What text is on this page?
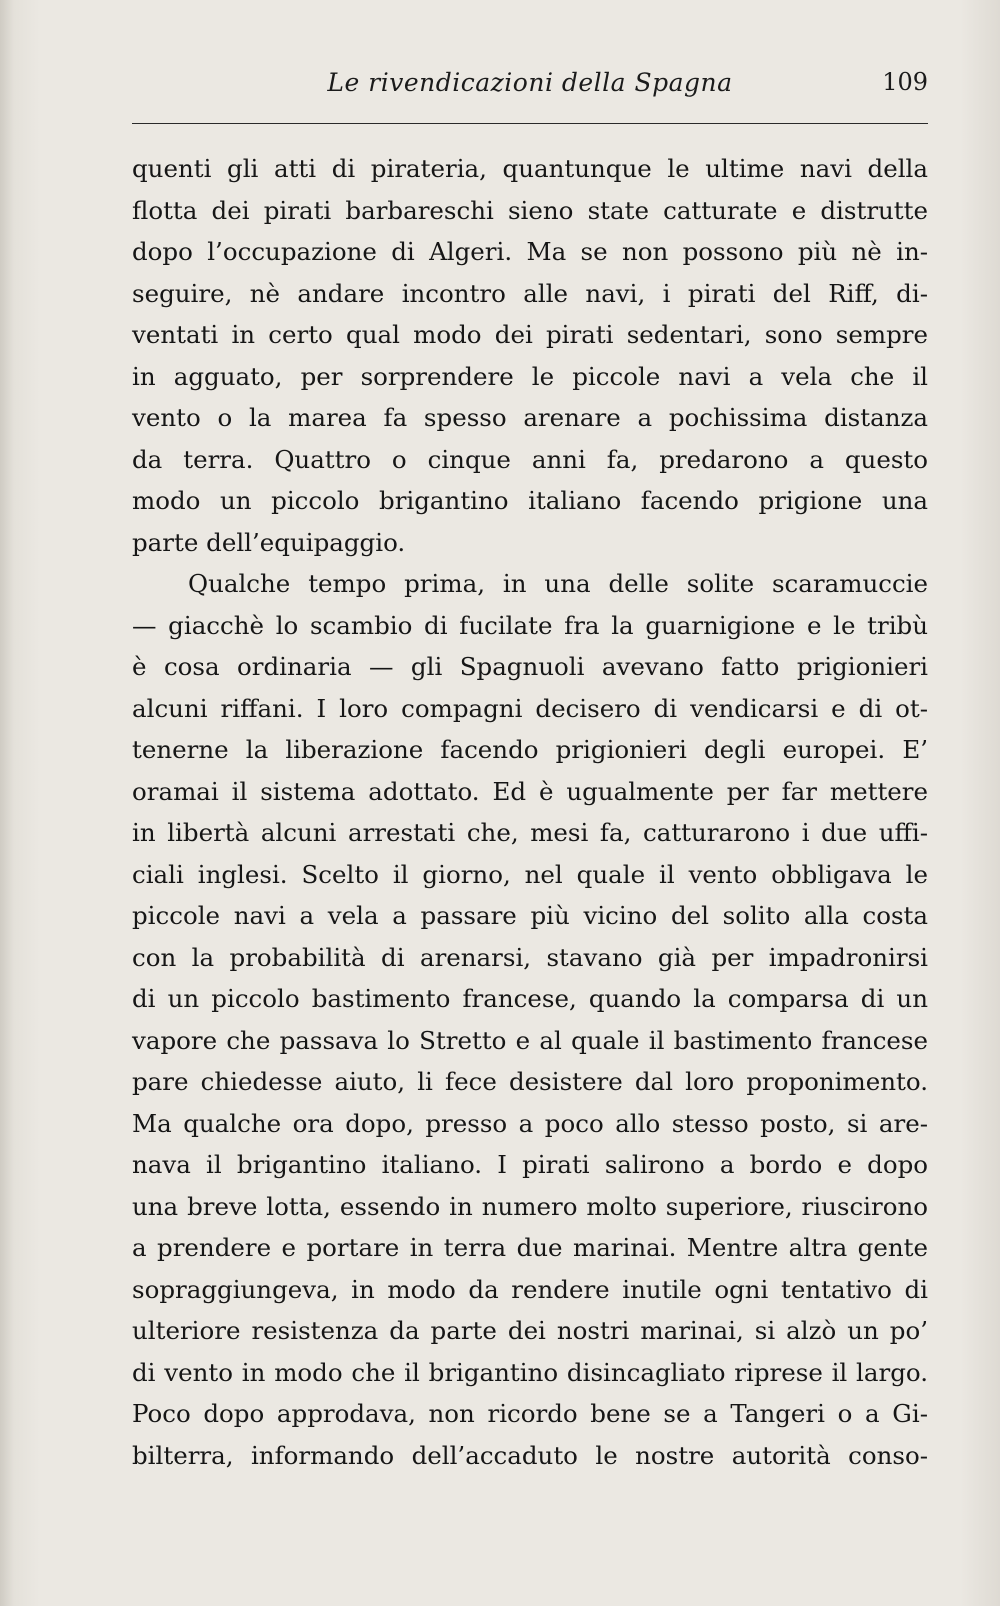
Le rivendicazioni della Spagna	109
quenti gli atti di pirateria, quantunque le ultime navi della
flotta dei pirati barbareschi sieno state catturate e distrutte
dopo l’occupazione di Algeri. Ma se non possono più nè in-
seguire, nè andare incontro alle navi, i pirati del Riff, di-
ventati in certo qual modo dei pirati sedentari, sono sempre
in agguato, per sorprendere le piccole navi a vela che il
vento o la marea fa spesso arenare a pochissima distanza
da terra. Quattro o cinque anni fa, predarono a questo
modo un piccolo brigantino italiano facendo prigione una
parte dell’equipaggio.
Qualche tempo prima, in una delle solite scaramuccie
— giacchè lo scambio di fucilate fra la guarnigione e le tribù
è cosa ordinaria — gli Spagnuoli avevano fatto prigionieri
alcuni riffani. I loro compagni decisero di vendicarsi e di ot-
tenerne la liberazione facendo prigionieri degli europei. E’
oramai il sistema adottato. Ed è ugualmente per far mettere
in libertà alcuni arrestati che, mesi fa, catturarono i due uffi-
ciali inglesi. Scelto il giorno, nel quale il vento obbligava le
piccole navi a vela a passare più vicino del solito alla costa
con la probabilità di arenarsi, stavano già per impadronirsi
di un piccolo bastimento francese, quando la comparsa di un
vapore che passava lo Stretto e al quale il bastimento francese
pare chiedesse aiuto, li fece desistere dal loro proponimento.
Ma qualche ora dopo, presso a poco allo stesso posto, si are-
nava il brigantino italiano. I pirati salirono a bordo e dopo
una breve lotta, essendo in numero molto superiore, riuscirono
a prendere e portare in terra due marinai. Mentre altra gente
sopraggiungeva, in modo da rendere inutile ogni tentativo di
ulteriore resistenza da parte dei nostri marinai, si alzò un po’
di vento in modo che il brigantino disincagliato riprese il largo.
Poco dopo approdava, non ricordo bene se a Tangeri o a Gi-
bilterra, informando dell’accaduto le nostre autorità conso-
